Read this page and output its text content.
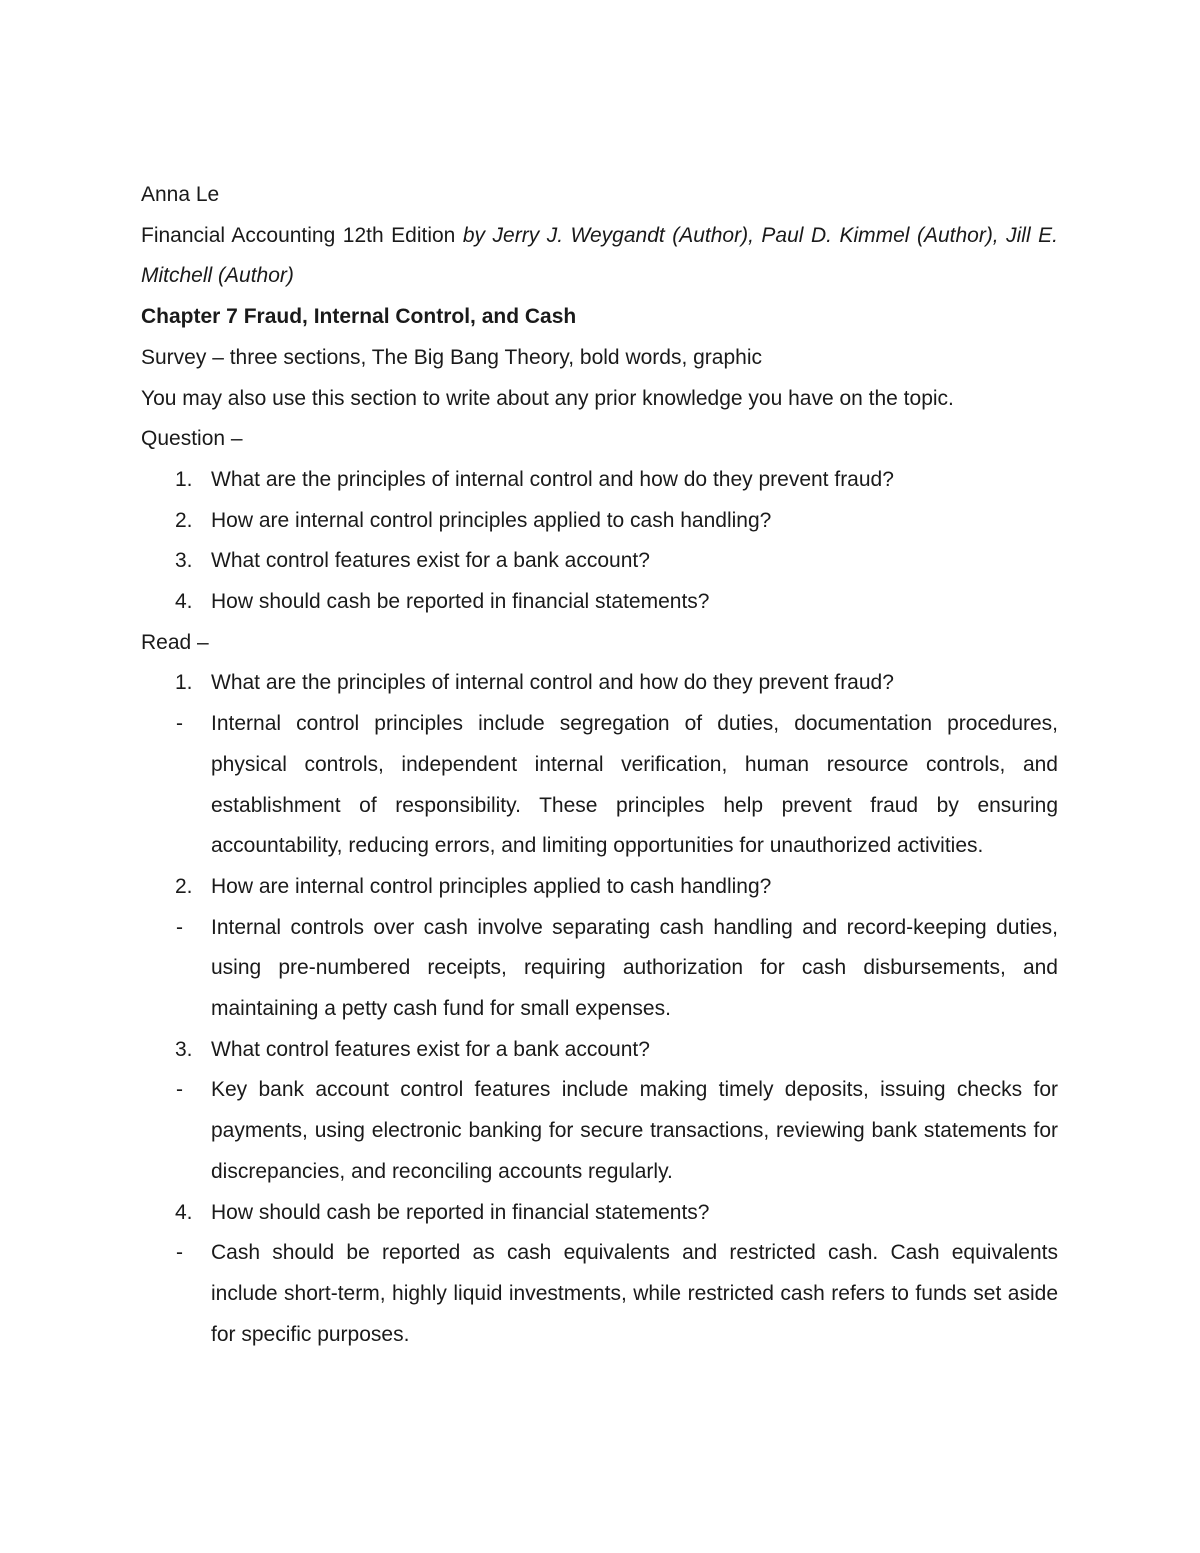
Anna Le

Financial Accounting 12th Edition by Jerry J. Weygandt (Author), Paul D. Kimmel (Author), Jill E. Mitchell (Author)

Chapter 7 Fraud, Internal Control, and Cash

Survey – three sections, The Big Bang Theory, bold words, graphic

You may also use this section to write about any prior knowledge you have on the topic.

Question –

1. What are the principles of internal control and how do they prevent fraud?
2. How are internal control principles applied to cash handling?
3. What control features exist for a bank account?
4. How should cash be reported in financial statements?

Read –

1. What are the principles of internal control and how do they prevent fraud?
- Internal control principles include segregation of duties, documentation procedures, physical controls, independent internal verification, human resource controls, and establishment of responsibility. These principles help prevent fraud by ensuring accountability, reducing errors, and limiting opportunities for unauthorized activities.
2. How are internal control principles applied to cash handling?
- Internal controls over cash involve separating cash handling and record-keeping duties, using pre-numbered receipts, requiring authorization for cash disbursements, and maintaining a petty cash fund for small expenses.
3. What control features exist for a bank account?
- Key bank account control features include making timely deposits, issuing checks for payments, using electronic banking for secure transactions, reviewing bank statements for discrepancies, and reconciling accounts regularly.
4. How should cash be reported in financial statements?
- Cash should be reported as cash equivalents and restricted cash. Cash equivalents include short-term, highly liquid investments, while restricted cash refers to funds set aside for specific purposes.
